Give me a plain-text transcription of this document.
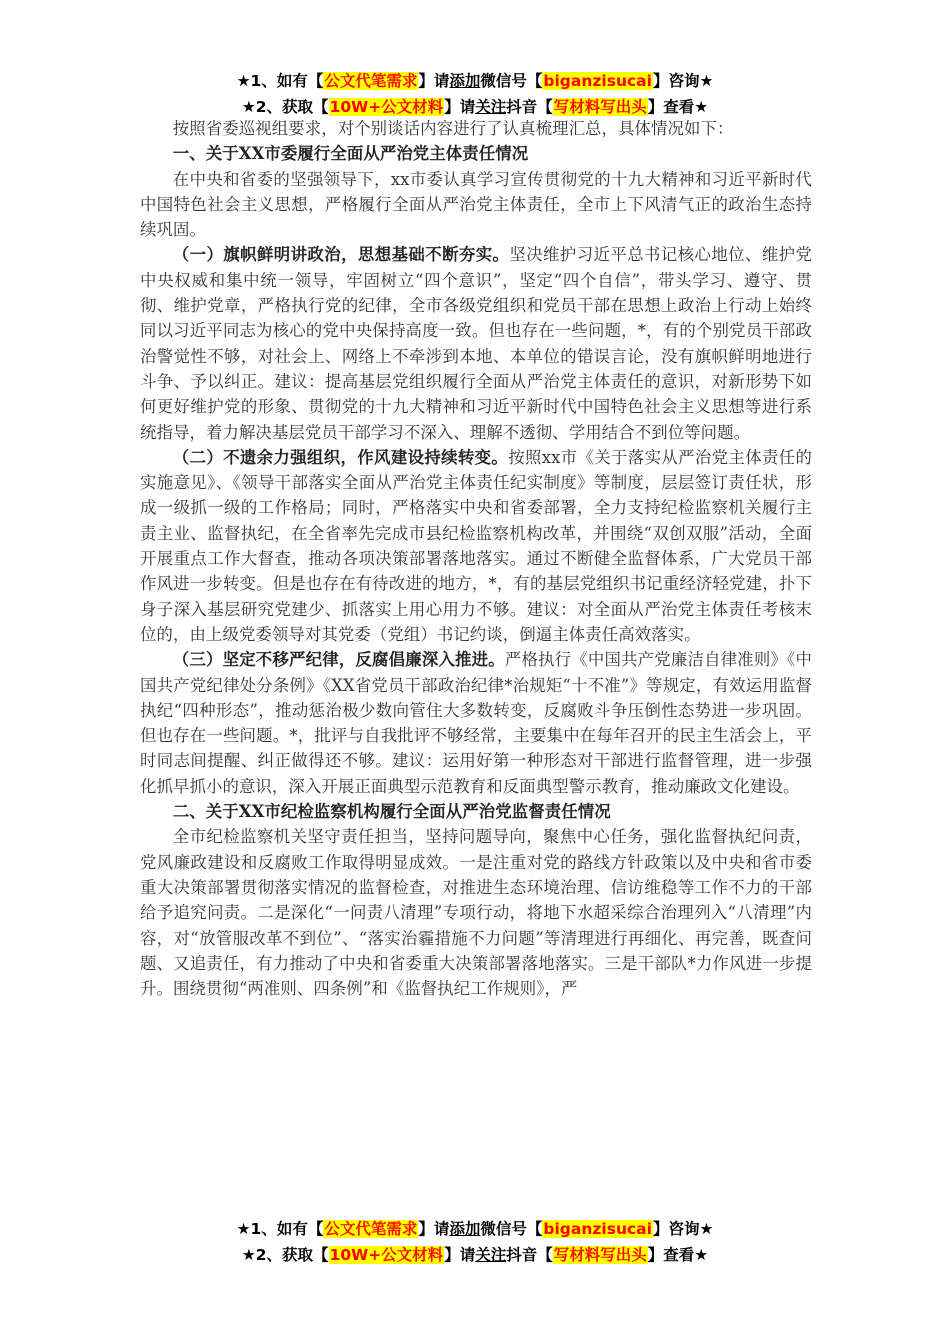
★1、如有【公文代笔需求】请添加微信号【biganzisucai】咨询★
★2、获取【10W+公文材料】请关注抖音【写材料写出头】查看★

按照省委巡视组要求，对个别谈话内容进行了认真梳理汇总，具体情况如下：

一、关于XX市委履行全面从严治党主体责任情况

在中央和省委的坚强领导下，xx市委认真学习宣传贯彻党的十九大精神和习近平新时代中国特色社会主义思想，严格履行全面从严治党主体责任，全市上下风清气正的政治生态持续巩固。

（一）旗帜鲜明讲政治，思想基础不断夯实。坚决维护习近平总书记核心地位、维护党中央权威和集中统一领导，牢固树立“四个意识”，坚定“四个自信”，带头学习、遵守、贯彻、维护党章，严格执行党的纪律，全市各级党组织和党员干部在思想上政治上行动上始终同以习近平同志为核心的党中央保持高度一致。但也存在一些问题，*，有的个别党员干部政治警觉性不够，对社会上、网络上不牵涉到本地、本单位的错误言论，没有旗帜鲜明地进行斗争、予以纠正。建议：提高基层党组织履行全面从严治党主体责任的意识，对新形势下如何更好维护党的形象、贯彻党的十九大精神和习近平新时代中国特色社会主义思想等进行系统指导，着力解决基层党员干部学习不深入、理解不透彻、学用结合不到位等问题。

（二）不遗余力强组织，作风建设持续转变。按照xx市《关于落实从严治党主体责任的实施意见》、《领导干部落实全面从严治党主体责任纪实制度》等制度，层层签订责任状，形成一级抓一级的工作格局；同时，严格落实中央和省委部署，全力支持纪检监察机关履行主责主业、监督执纪，在全省率先完成市县纪检监察机构改革，并围绕“双创双服”活动，全面开展重点工作大督查，推动各项决策部署落地落实。通过不断健全监督体系，广大党员干部作风进一步转变。但是也存在有待改进的地方，*，有的基层党组织书记重经济轻党建，扑下身子深入基层研究党建少、抓落实上用心用力不够。建议：对全面从严治党主体责任考核末位的，由上级党委领导对其党委（党组）书记约谈，倒逼主体责任高效落实。

（三）坚定不移严纪律，反腐倡廉深入推进。严格执行《中国共产党廉洁自律准则》《中国共产党纪律处分条例》《XX省党员干部政治纪律*治规矩“十不准”》等规定，有效运用监督执纪“四种形态”，推动惩治极少数向管住大多数转变，反腐败斗争压倒性态势进一步巩固。但也存在一些问题。*，批评与自我批评不够经常，主要集中在每年召开的民主生活会上，平时同志间提醒、纠正做得还不够。建议：运用好第一种形态对干部进行监督管理，进一步强化抓早抓小的意识，深入开展正面典型示范教育和反面典型警示教育，推动廉政文化建设。

二、关于XX市纪检监察机构履行全面从严治党监督责任情况

全市纪检监察机关坚守责任担当，坚持问题导向，聚焦中心任务，强化监督执纪问责，党风廉政建设和反腐败工作取得明显成效。一是注重对党的路线方针政策以及中央和省市委重大决策部署贯彻落实情况的监督检查，对推进生态环境治理、信访维稳等工作不力的干部给予追究问责。二是深化“一问责八清理”专项行动，将地下水超采综合治理列入“八清理”内容，对“放管服改革不到位”、“落实治霾措施不力问题”等清理进行再细化、再完善，既查问题、又追责任，有力推动了中央和省委重大决策部署落地落实。三是干部队*力作风进一步提升。围绕贯彻“两准则、四条例”和《监督执纪工作规则》，严

★1、如有【公文代笔需求】请添加微信号【biganzisucai】咨询★
★2、获取【10W+公文材料】请关注抖音【写材料写出头】查看★
